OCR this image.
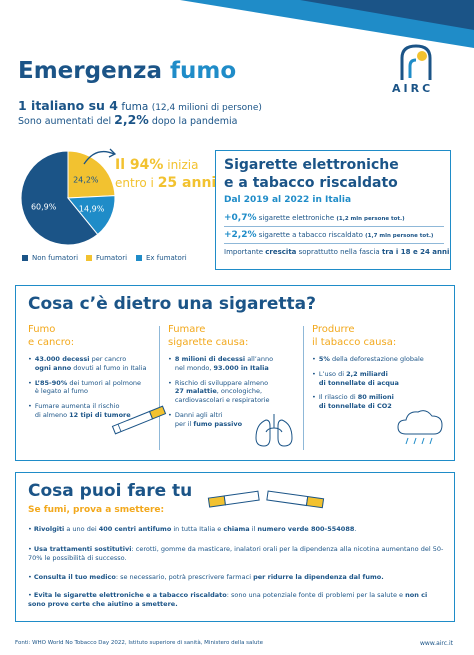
AIRC
Emergenza fumo
1 italiano su 4 fuma (12,4 milioni di persone)
Sono aumentati del 2,2% dopo la pandemia
60,9%
24,2%
14,9%
Il 94% inizia
entro i 25 anni
Non fumatori	Fumatori	Ex fumatori
Sigarette elettroniche
e a tabacco riscaldato
Dal 2019 al 2022 in Italia
+0,7% sigarette elettroniche (1,2 mln persone tot.)
+2,2% sigarette a tabacco riscaldato (1,7 mln persone tot.)
Importante crescita soprattutto nella fascia tra i 18 e 24 anni
Cosa c’è dietro una sigaretta?
Fumo
e cancro:
• 43.000 decessi per cancro
ogni anno dovuti al fumo in Italia
• L’85-90% dei tumori al polmone
è legato al fumo
• Fumare aumenta il rischio
di almeno 12 tipi di tumore
Fumare
sigarette causa:
• 8 milioni di decessi all’anno
nel mondo, 93.000 in Italia
• Rischio di sviluppare almeno
27 malattie, oncologiche,
cardiovascolari e respiratorie
• Danni agli altri
per il fumo passivo
Produrre
il tabacco causa:
• 5% della deforestazione globale
• L’uso di 2,2 miliardi
di tonnellate di acqua
• Il rilascio di 80 milioni
di tonnellate di CO2
Cosa puoi fare tu
Se fumi, prova a smettere:
• Rivolgiti a uno dei 400 centri antifumo in tutta Italia e chiama il numero verde 800-554088.
• Usa trattamenti sostitutivi: cerotti, gomme da masticare, inalatori orali per la dipendenza alla nicotina aumentano del 50-70% le possibilità di successo.
• Consulta il tuo medico: se necessario, potrà prescrivere farmaci per ridurre la dipendenza dal fumo.
• Evita le sigarette elettroniche e a tabacco riscaldato: sono una potenziale fonte di problemi per la salute e non ci sono prove certe che aiutino a smettere.
Fonti: WHO World No Tobacco Day 2022, Istituto superiore di sanità, Ministero della salute	www.airc.it
